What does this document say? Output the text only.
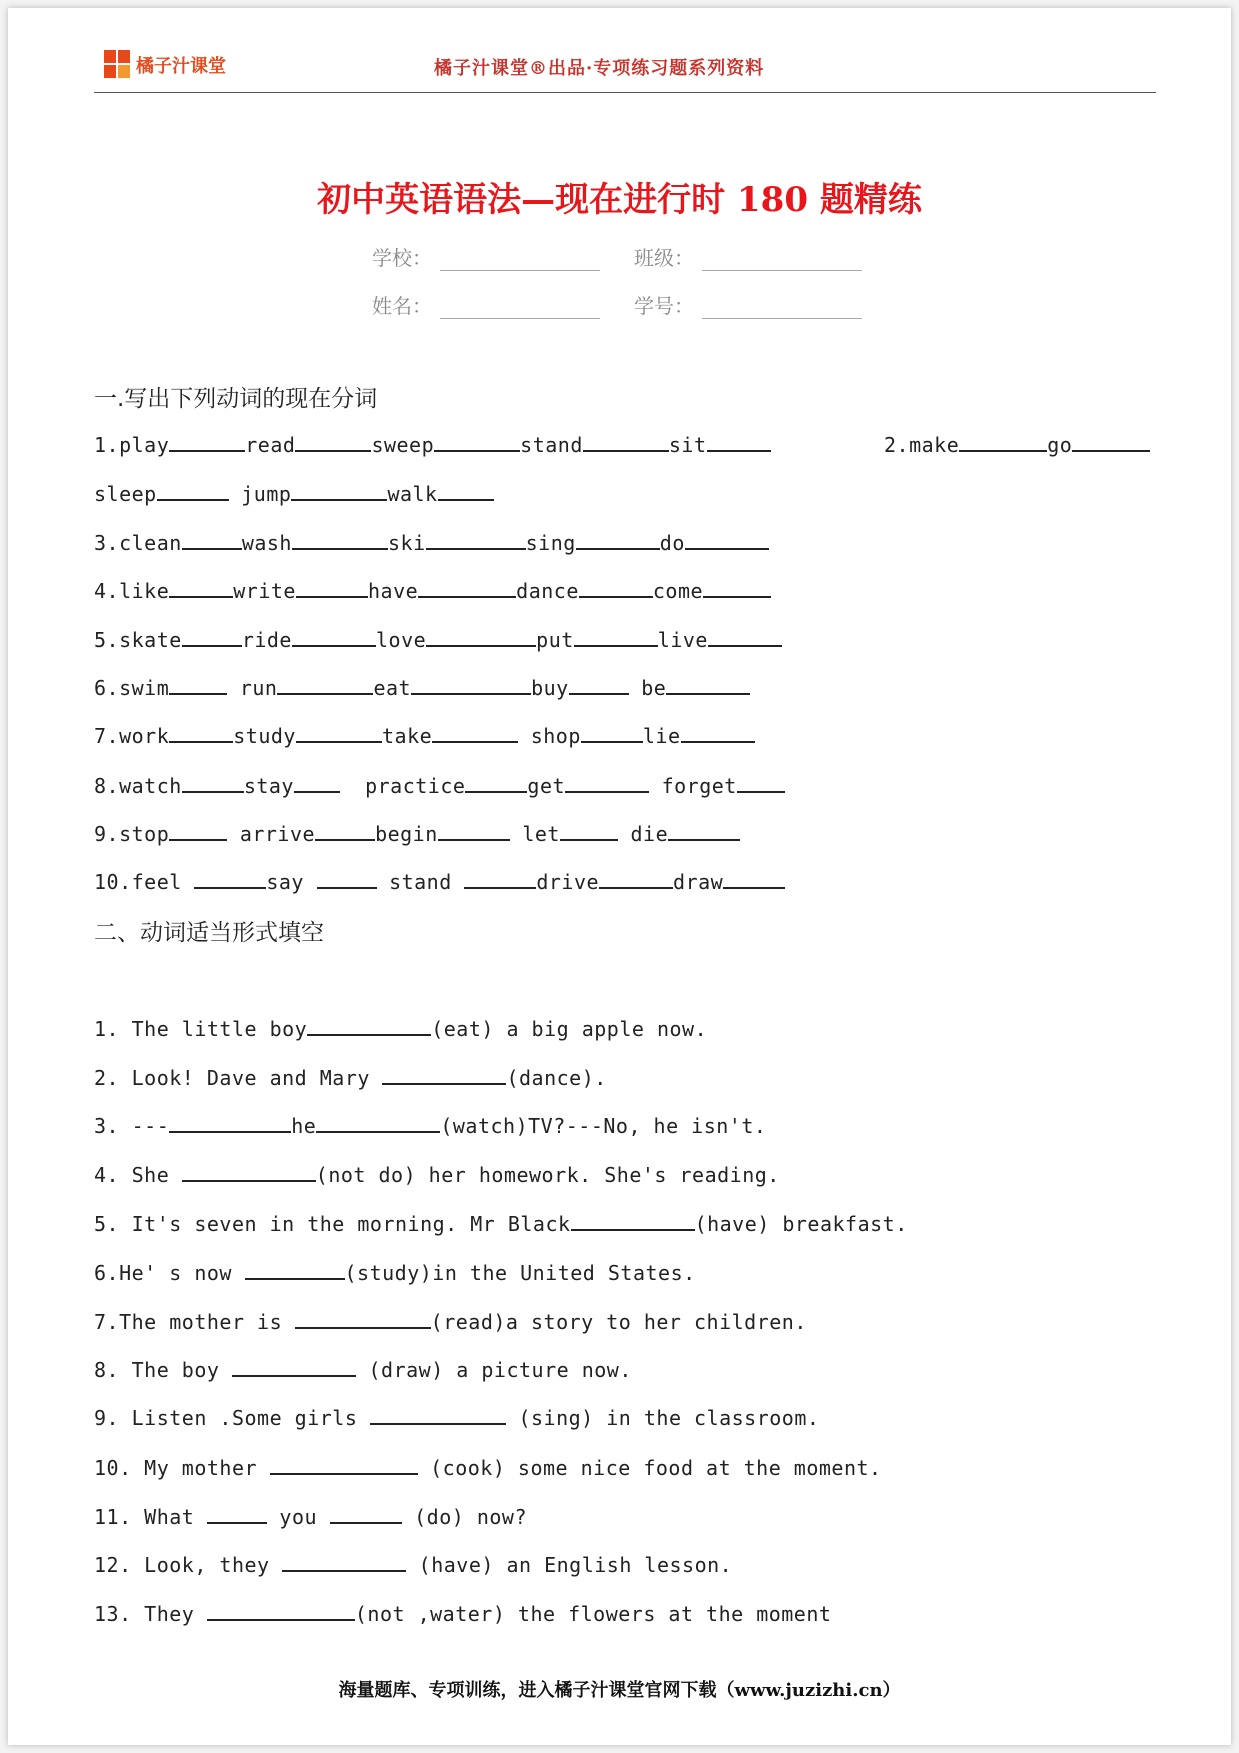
橘子汁课堂	橘子汁课堂®出品·专项练习题系列资料
初中英语语法—现在进行时 180 题精练
学校：	班级：
姓名：	学号：
一.写出下列动词的现在分词
1.play	read	sweep	stand	sit	2.make	go
sleep	jump	walk
3.clean	wash	ski	sing	do
4.like	write	have	dance	come
5.skate	ride	love	put	live
6.swim	run	eat	buy	be
7.work	study	take	shop	lie
8.watch	stay	practice	get	forget
9.stop	arrive	begin	let	die
10.feel	say	stand	drive	draw
二、动词适当形式填空
1. The little boy	(eat) a big apple now.
2. Look! Dave and Mary	(dance).
3. ---	he	(watch)TV?---No, he isn't.
4. She	(not do) her homework. She's reading.
5. It's seven in the morning. Mr Black	(have) breakfast.
6.He' s now	(study)in the United States.
7.The mother is	(read)a story to her children.
8. The boy	(draw) a picture now.
9. Listen .Some girls	(sing) in the classroom.
10. My mother	(cook) some nice food at the moment.
11. What	you	(do) now?
12. Look, they	(have) an English lesson.
13. They	(not ,water) the flowers at the moment
海量题库、专项训练，进入橘子汁课堂官网下载（www.juzizhi.cn）
